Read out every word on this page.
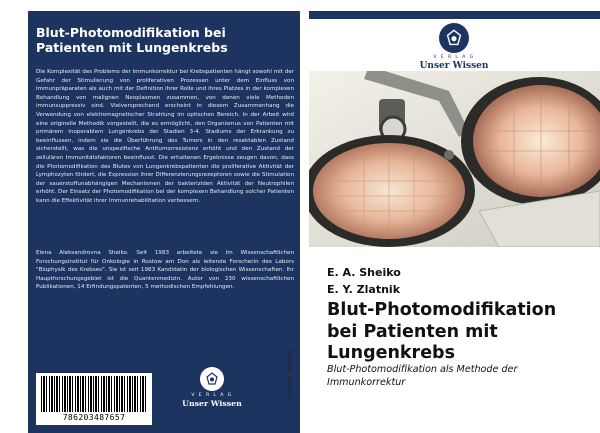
Blut-Photomodifikation bei Patienten mit Lungenkrebs
Die Komplexität des Problems der Immunkorrektur bei Krebspatienten hängt sowohl mit der Gefahr der Stimulierung von proliferativen Prozessen unter dem Einfluss von Immunpräparaten als auch mit der Definition ihrer Rolle und ihres Platzes in der komplexen Behandlung von malignen Neoplasmen zusammen, von denen viele Methoden immunsuppressiv sind. Vielversprechend erscheint in diesem Zusammenhang die Verwendung von elektromagnetischer Strahlung im optischen Bereich. In der Arbeit wird eine originelle Methodik vorgestellt, die es ermöglicht, den Organismus von Patienten mit primärem inoperablem Lungenkrebs der Stadien 3-4. Stadiums der Erkrankung zu beeinflussen, indem sie die Überführung des Tumors in den resektablen Zustand sicherstellt, was die unspezifische Antitumorresistenz erhöht und den Zustand der zellulären Immunitätsfaktoren beeinflusst. Die erhaltenen Ergebnisse zeugen davon, dass die Photomodifikation des Blutes von Lungenkrebspatienten die proliferative Aktivität der Lymphozyten fördert, die Expression ihrer Differenzierungsrezeptoren sowie die Stimulation der sauerstoffunabhängigen Mechanismen der bakteriziden Aktivität der Neutrophilen erhöht. Der Einsatz der Photomodifikation bei der komplexen Behandlung solcher Patienten kann die Effektivität ihrer Immunrehabilitation verbessern.
Elena Aleksandrovna Sheiko. Seit 1983 arbeitete sie im Wissenschaftlichen Forschungsinstitut für Onkologie in Rostow am Don als leitende Forscherin des Labors "Biophysik des Krebses". Sie ist seit 1983 Kandidatin der biologischen Wissenschaften. Ihr Hauptforschungsgebiet ist die Quantenmedizin. Autor von 230 wissenschaftlichen Publikationen, 14 Erfindungspatenten, 5 methodischen Empfehlungen.
786203487657
V E R L A G
Unser Wissen
Sheiko, Zlatnik
V E R L A G
Unser Wissen
E. A. Sheiko
E. Y. Zlatnik
Blut-Photomodifikation bei Patienten mit Lungenkrebs
Blut-Photomodifikation als Methode der Immunkorrektur
